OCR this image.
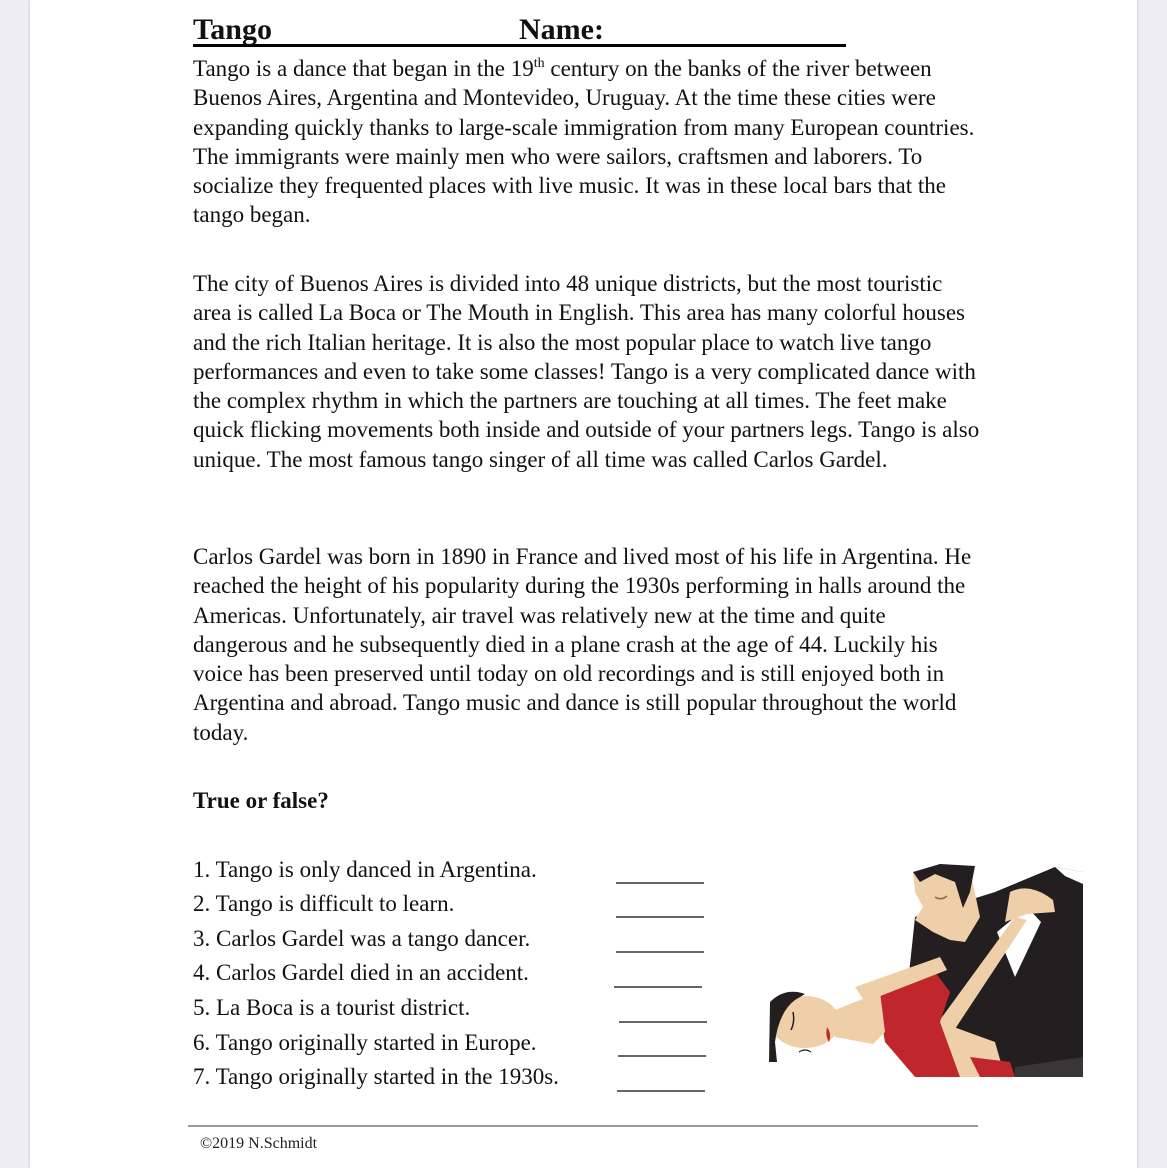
Tango	Name:

Tango is a dance that began in the 19th century on the banks of the river between Buenos Aires, Argentina and Montevideo, Uruguay. At the time these cities were expanding quickly thanks to large-scale immigration from many European countries. The immigrants were mainly men who were sailors, craftsmen and laborers. To socialize they frequented places with live music. It was in these local bars that the tango began.

The city of Buenos Aires is divided into 48 unique districts, but the most touristic area is called La Boca or The Mouth in English. This area has many colorful houses and the rich Italian heritage. It is also the most popular place to watch live tango performances and even to take some classes! Tango is a very complicated dance with the complex rhythm in which the partners are touching at all times. The feet make quick flicking movements both inside and outside of your partners legs. Tango is also unique. The most famous tango singer of all time was called Carlos Gardel.

Carlos Gardel was born in 1890 in France and lived most of his life in Argentina. He reached the height of his popularity during the 1930s performing in halls around the Americas. Unfortunately, air travel was relatively new at the time and quite dangerous and he subsequently died in a plane crash at the age of 44. Luckily his voice has been preserved until today on old recordings and is still enjoyed both in Argentina and abroad. Tango music and dance is still popular throughout the world today.

True or false?
1. Tango is only danced in Argentina.
2. Tango is difficult to learn.
3. Carlos Gardel was a tango dancer.
4. Carlos Gardel died in an accident.
5. La Boca is a tourist district.
6. Tango originally started in Europe.
7. Tango originally started in the 1930s.
©2019 N.Schmidt
